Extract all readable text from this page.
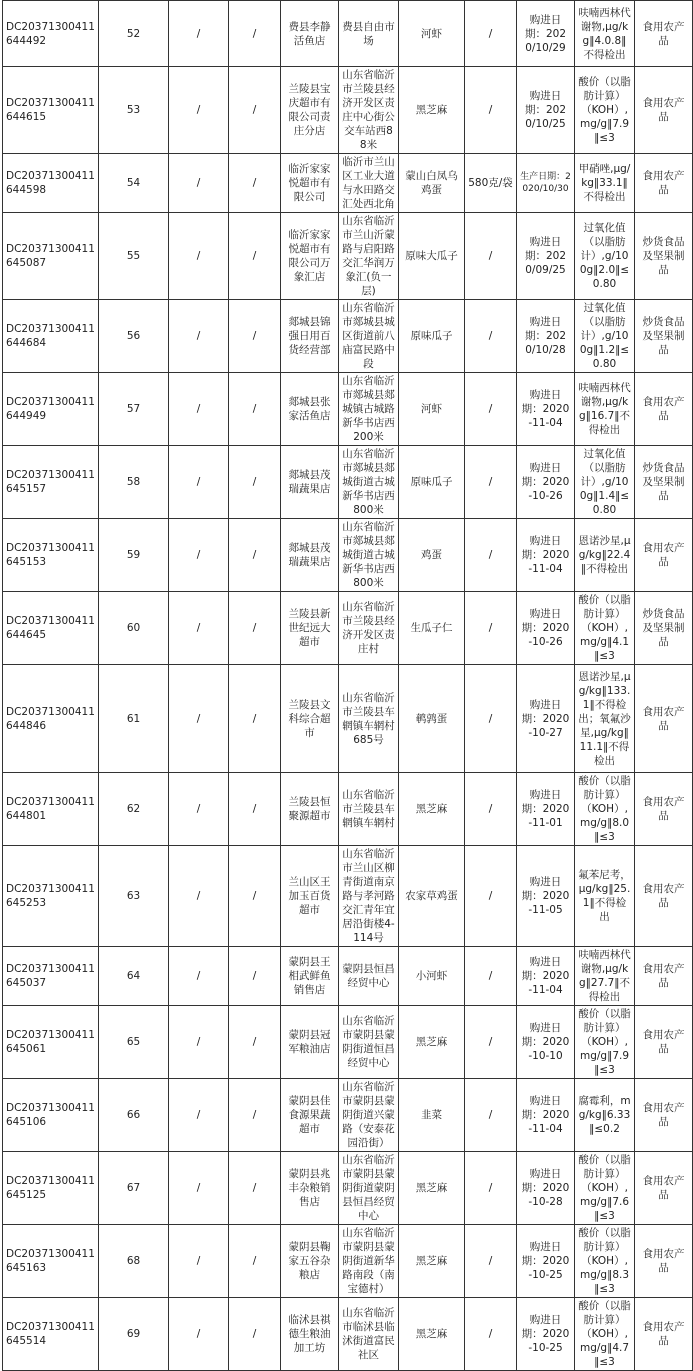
DC20371300411644492	52	/	/	费县李静活鱼店	费县自由市场	河虾	/	购进日期：2020/10/29	呋喃西林代谢物,μg/kg‖4.0.8‖不得检出	食用农产品
DC20371300411644615	53	/	/	兰陵县宝庆超市有限公司责庄分店	山东省临沂市兰陵县经济开发区责庄中心街公交车站西88米	黑芝麻	/	购进日期：2020/10/25	酸价（以脂肪计算）（KOH）,mg/g‖7.9‖≤3	食用农产品
DC20371300411644598	54	/	/	临沂家家悦超市有限公司	临沂市兰山区工业大道与水田路交汇处西北角	蒙山白凤乌鸡蛋	580克/袋	生产日期：2020/10/30	甲硝唑,μg/kg‖33.1‖不得检出	食用农产品
DC20371300411645087	55	/	/	临沂家家悦超市有限公司万象汇店	山东省临沂市兰山沂蒙路与启阳路交汇华润万象汇(负一层)	原味大瓜子	/	购进日期：2020/09/25	过氧化值（以脂肪计）,g/100g‖2.0‖≤0.80	炒货食品及坚果制品
DC20371300411644684	56	/	/	郯城县锦强日用百货经营部	山东省临沂市郯城县城区街道前八庙富民路中段	原味瓜子	/	购进日期：2020/10/28	过氧化值（以脂肪计）,g/100g‖1.2‖≤0.80	炒货食品及坚果制品
DC20371300411644949	57	/	/	郯城县张家活鱼店	山东省临沂市郯城县郯城镇古城路新华书店西200米	河虾	/	购进日期：2020-11-04	呋喃西林代谢物,μg/kg‖16.7‖不得检出	食用农产品
DC20371300411645157	58	/	/	郯城县茂瑞蔬果店	山东省临沂市郯城县郯城街道古城新华书店西800米	原味瓜子	/	购进日期：2020-10-26	过氧化值（以脂肪计）,g/100g‖1.4‖≤0.80	炒货食品及坚果制品
DC20371300411645153	59	/	/	郯城县茂瑞蔬果店	山东省临沂市郯城县郯城街道古城新华书店西800米	鸡蛋	/	购进日期：2020-11-04	恩诺沙星,μg/kg‖22.4‖不得检出	食用农产品
DC20371300411644645	60	/	/	兰陵县新世纪远大超市	山东省临沂市兰陵县经济开发区责庄村	生瓜子仁	/	购进日期：2020-10-26	酸价（以脂肪计算）（KOH）,mg/g‖4.1‖≤3	炒货食品及坚果制品
DC20371300411644846	61	/	/	兰陵县文科综合超市	山东省临沂市兰陵县车辋镇车辋村685号	鹌鹑蛋	/	购进日期：2020-10-27	恩诺沙星,μg/kg‖133.1‖不得检出；氧氟沙星,μg/kg‖11.1‖不得检出	食用农产品
DC20371300411644801	62	/	/	兰陵县恒聚源超市	山东省临沂市兰陵县车辋镇车辋村	黑芝麻	/	购进日期：2020-11-01	酸价（以脂肪计算）（KOH）,mg/g‖8.0‖≤3	食用农产品
DC20371300411645253	63	/	/	兰山区王加玉百货超市	山东省临沂市兰山区柳青街道南京路与孝河路交汇青年宜居沿街楼4-114号	农家草鸡蛋	/	购进日期：2020-11-05	氟苯尼考，μg/kg‖25.1‖不得检出	食用农产品
DC20371300411645037	64	/	/	蒙阴县王相武鲜鱼销售店	蒙阴县恒昌经贸中心	小河虾	/	购进日期：2020-11-04	呋喃西林代谢物,μg/kg‖27.7‖不得检出	食用农产品
DC20371300411645061	65	/	/	蒙阴县冠军粮油店	山东省临沂市蒙阴县蒙阴街道恒昌经贸中心	黑芝麻	/	购进日期：2020-10-10	酸价（以脂肪计算）（KOH）,mg/g‖7.9‖≤3	食用农产品
DC20371300411645106	66	/	/	蒙阴县佳食源果蔬超市	山东省临沂市蒙阴县蒙阴街道兴蒙路（安泰花园沿街）	韭菜	/	购进日期：2020-11-04	腐霉利，mg/kg‖6.33‖≤0.2	食用农产品
DC20371300411645125	67	/	/	蒙阴县兆丰杂粮销售店	山东省临沂市蒙阴县蒙阴街道蒙阴县恒昌经贸中心	黑芝麻	/	购进日期：2020-10-28	酸价（以脂肪计算）（KOH）,mg/g‖7.6‖≤3	食用农产品
DC20371300411645163	68	/	/	蒙阴县鞠家五谷杂粮店	山东省临沂市蒙阴县蒙阴街道新华路南段（南宝德村）	黑芝麻	/	购进日期：2020-10-25	酸价（以脂肪计算）（KOH）,mg/g‖8.3‖≤3	食用农产品
DC20371300411645514	69	/	/	临沭县祺德生粮油加工坊	山东省临沂市临沭县临沭街道富民社区	黑芝麻	/	购进日期：2020-10-25	酸价（以脂肪计算）（KOH）,mg/g‖4.7‖≤3	食用农产品
